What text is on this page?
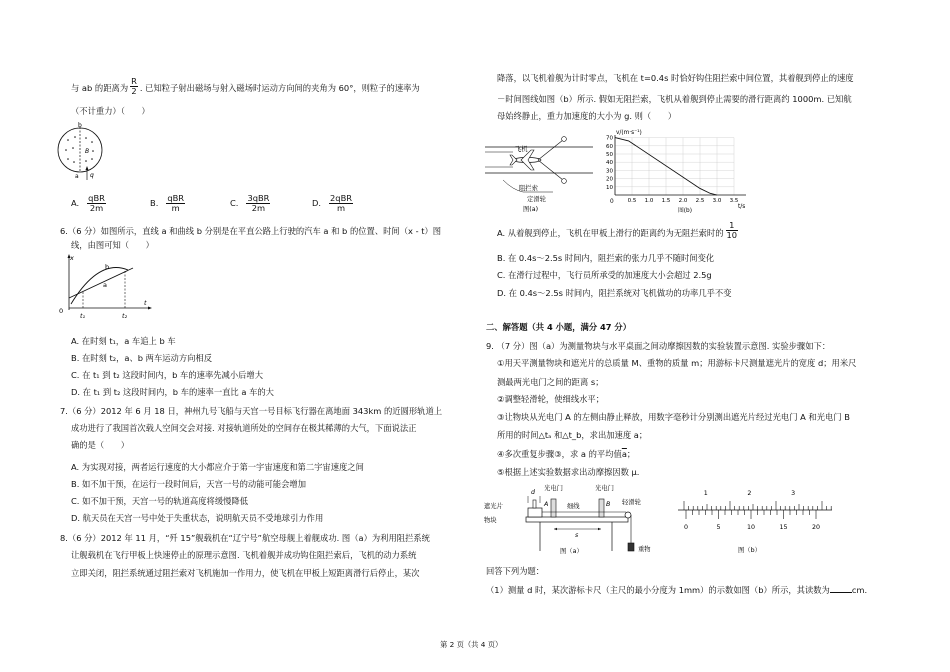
与 ab 的距离为 $\frac{R}{2}$ . 已知粒子射出磁场与射入磁场时运动方向间的夹角为 60°，则粒子的速率为
（不计重力）（　　）
b
B
a q
A. $\frac{\text{qBR}}{2m}$	B. $\frac{\text{qBR}}{m}$	C. $\frac{\text{3qBR}}{2m}$	D. $\frac{\text{2qBR}}{m}$
6.（6 分）如图所示，直线 a 和曲线 b 分别是在平直公路上行驶的汽车 a 和 b 的位置、时间（x - t）图
线，由图可知（　　）
x
b
a
0
t
t₁	t₂
A. 在时刻 t₁，a 车追上 b 车
B. 在时刻 t₂，a、b 两车运动方向相反
C. 在 t₁ 到 t₂ 这段时间内，b 车的速率先减小后增大
D. 在 t₁ 到 t₂ 这段时间内，b 车的速率一直比 a 车的大
7.（6 分）2012 年 6 月 18 日，神州九号飞船与天宫一号目标飞行器在离地面 343km 的近圆形轨道上
成功进行了我国首次载人空间交会对接. 对接轨道所处的空间存在极其稀薄的大气，下面说法正
确的是（　　）
A. 为实现对接，两者运行速度的大小都应介于第一宇宙速度和第二宇宙速度之间
B. 如不加干预，在运行一段时间后，天宫一号的动能可能会增加
C. 如不加干预，天宫一号的轨道高度将缓慢降低
D. 航天员在天宫一号中处于失重状态，说明航天员不受地球引力作用
8.（6 分）2012 年 11 月，“歼 15”舰载机在“辽宁号”航空母舰上着舰成功. 图（a）为利用阻拦系统
让舰载机在飞行甲板上快速停止的原理示意图. 飞机着舰并成功钩住阻拦索后，飞机的动力系统
立即关闭，阻拦系统通过阻拦索对飞机施加一作用力，使飞机在甲板上短距离滑行后停止，某次
降落，以飞机着舰为计时零点，飞机在 t=0.4s 时恰好钩住阻拦索中间位置，其着舰到停止的速度
－时间图线如图（b）所示. 假如无阻拦索，飞机从着舰到停止需要的滑行距离约 1000m. 已知航
母始终静止，重力加速度的大小为 g. 则（　　）
飞机
阻拦索
定滑轮
图(a)
v/(m·s⁻¹)
70
60
50
40
30
20
10
0.5 1.0 1.5 2.0 2.5 3.0 3.5
0
t/s
图(b)
A. 从着舰到停止，飞机在甲板上滑行的距离约为无阻拦索时的 $\frac{1}{10}$
B. 在 0.4s～2.5s 时间内，阻拦索的张力几乎不随时间变化
C. 在滑行过程中，飞行员所承受的加速度大小会超过 2.5g
D. 在 0.4s～2.5s 时间内，阻拦系统对飞机做功的功率几乎不变
二、解答题（共 4 小题，满分 47 分）
9. （7 分）图（a）为测量物块与水平桌面之间动摩擦因数的实验装置示意图. 实验步骤如下：
①用天平测量物块和遮光片的总质量 M、重物的质量 m；用游标卡尺测量遮光片的宽度 d；用米尺
测最两光电门之间的距离 s；
②调整轻滑轮，使细线水平；
③让物块从光电门 A 的左侧由静止释放，用数字毫秒计分别测出遮光片经过光电门 A 和光电门 B
所用的时间△tₐ 和△t_b，求出加速度 a；
④多次重复步骤③，求 a 的平均值$\overline{a}$；
⑤根据上述实验数据求出动摩擦因数 μ.
d
光电门
A
光电门
B
遮光片
物块
细线
轻滑轮
s
重物
图（a）
1	2	3
0	5	10	15	20
图（b）
回答下列为题：
（1）测量 d 时，某次游标卡尺（主尺的最小分度为 1mm）的示数如图（b）所示，其读数为	cm.
第 2 页（共 4 页）
